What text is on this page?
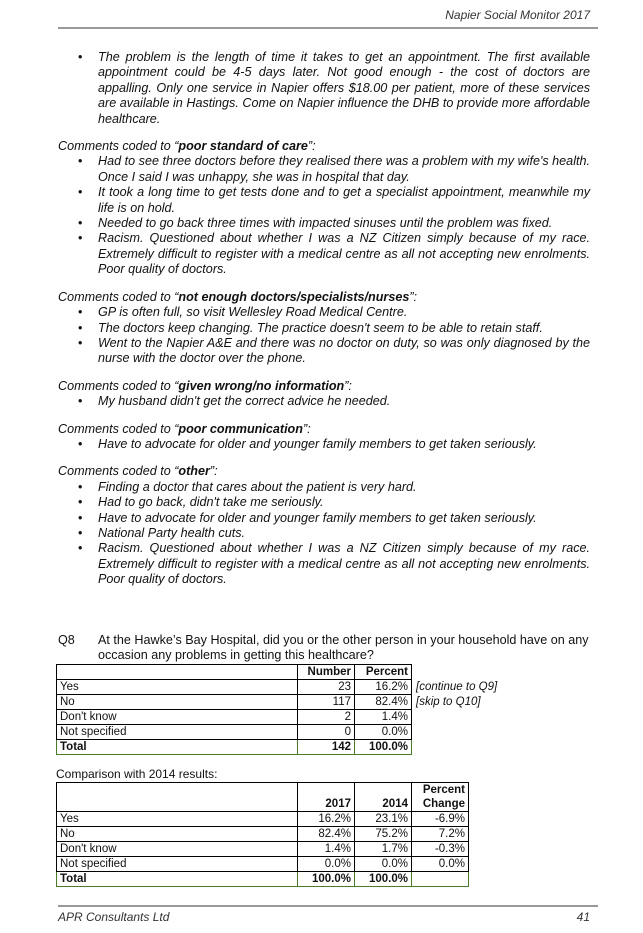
Napier Social Monitor 2017
• The problem is the length of time it takes to get an appointment. The first available appointment could be 4-5 days later. Not good enough - the cost of doctors are appalling. Only one service in Napier offers $18.00 per patient, more of these services are available in Hastings. Come on Napier influence the DHB to provide more affordable healthcare.
Comments coded to “poor standard of care”:
• Had to see three doctors before they realised there was a problem with my wife's health. Once I said I was unhappy, she was in hospital that day.
• It took a long time to get tests done and to get a specialist appointment, meanwhile my life is on hold.
• Needed to go back three times with impacted sinuses until the problem was fixed.
• Racism. Questioned about whether I was a NZ Citizen simply because of my race. Extremely difficult to register with a medical centre as all not accepting new enrolments. Poor quality of doctors.
Comments coded to “not enough doctors/specialists/nurses”:
• GP is often full, so visit Wellesley Road Medical Centre.
• The doctors keep changing. The practice doesn't seem to be able to retain staff.
• Went to the Napier A&E and there was no doctor on duty, so was only diagnosed by the nurse with the doctor over the phone.
Comments coded to “given wrong/no information”:
• My husband didn't get the correct advice he needed.
Comments coded to “poor communication”:
• Have to advocate for older and younger family members to get taken seriously.
Comments coded to “other”:
• Finding a doctor that cares about the patient is very hard.
• Had to go back, didn't take me seriously.
• Have to advocate for older and younger family members to get taken seriously.
• National Party health cuts.
• Racism. Questioned about whether I was a NZ Citizen simply because of my race. Extremely difficult to register with a medical centre as all not accepting new enrolments. Poor quality of doctors.
Q8 At the Hawke’s Bay Hospital, did you or the other person in your household have on any occasion any problems in getting this healthcare?
	Number	Percent	
Yes	23	16.2%	[continue to Q9]
No	117	82.4%	[skip to Q10]
Don't know	2	1.4%	
Not specified	0	0.0%	
Total	142	100.0%	
Comparison with 2014 results:
	2017	2014	Percent
Change

Yes	16.2%	23.1%	-6.9%
No	82.4%	75.2%	7.2%
Don't know	1.4%	1.7%	-0.3%
Not specified	0.0%	0.0%	0.0%
Total	100.0%	100.0%	
APR Consultants Ltd	41
